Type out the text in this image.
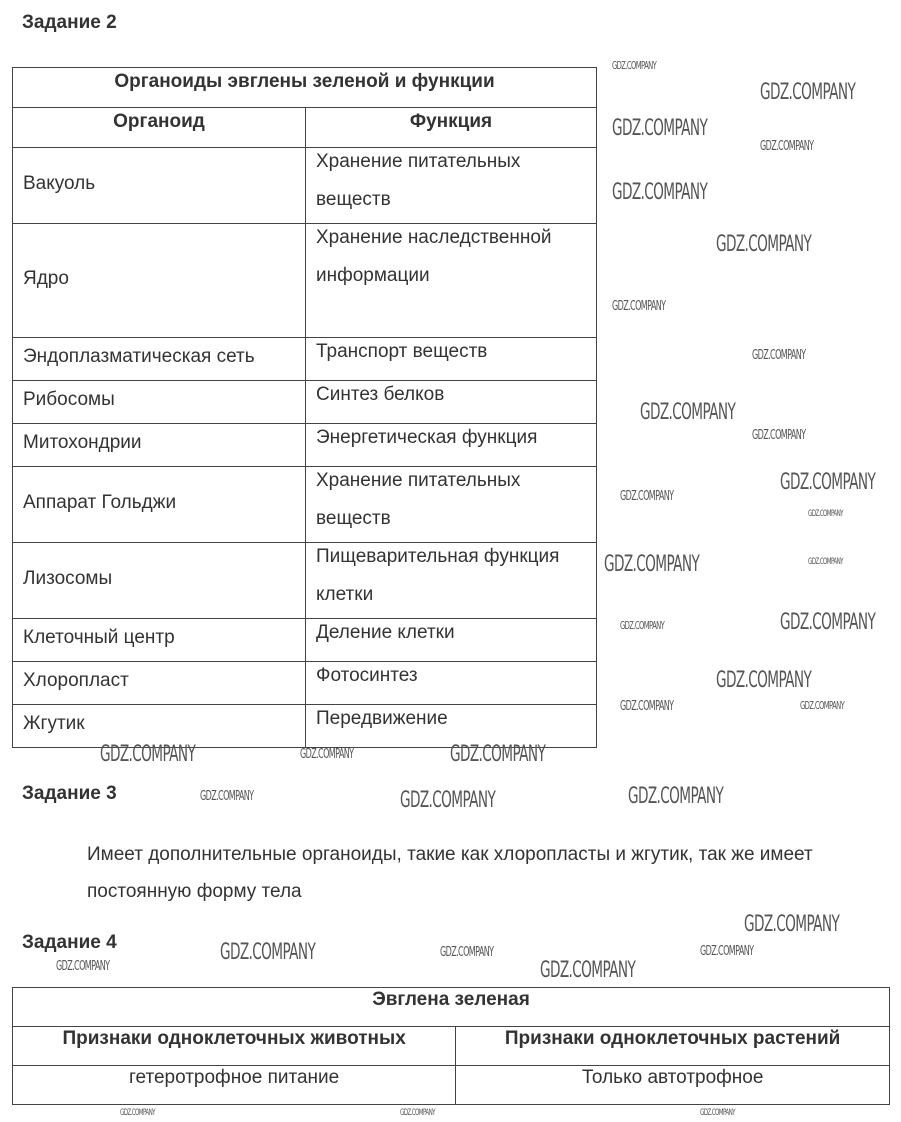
Задание 2
Органоиды эвглены зеленой и функции	
Органоид	Функция
Вакуоль	Хранение питательных веществ

Ядро	Хранение наследственной информации

Эндоплазматическая сеть	Транспорт веществ

Рибосомы	Синтез белков

Митохондрии	Энергетическая функция

Аппарат Гольджи	Хранение питательных веществ

Лизосомы	Пищеварительная функция клетки

Клеточный центр	Деление клетки

Хлоропласт	Фотосинтез

Жгутик	Передвижение
Задание 3

Имеет дополнительные органоиды, такие как хлоропласты и жгутик, так же имеет постоянную форму тела

Задание 4
Эвглена зеленая	
Признаки одноклеточных животных	Признаки одноклеточных растений
гетеротрофное питание	Только автотрофное
GDZ.COMPANY
GDZ.COMPANY
GDZ.COMPANY
GDZ.COMPANY
GDZ.COMPANY
GDZ.COMPANY
GDZ.COMPANY
GDZ.COMPANY
GDZ.COMPANY
GDZ.COMPANY
GDZ.COMPANY
GDZ.COMPANY
GDZ.COMPANY
GDZ.COMPANY	GDZ.COMPANY
GDZ.COMPANY
GDZ.COMPANY
GDZ.COMPANY
GDZ.COMPANY	GDZ.COMPANY
GDZ.COMPANY	GDZ.COMPANY	GDZ.COMPANY
GDZ.COMPANY	GDZ.COMPANY	GDZ.COMPANY
GDZ.COMPANY
GDZ.COMPANY	GDZ.COMPANY
GDZ.COMPANY
GDZ.COMPANY
GDZ.COMPANY
GDZ.COMPANY	GDZ.COMPANY	GDZ.COMPANY
